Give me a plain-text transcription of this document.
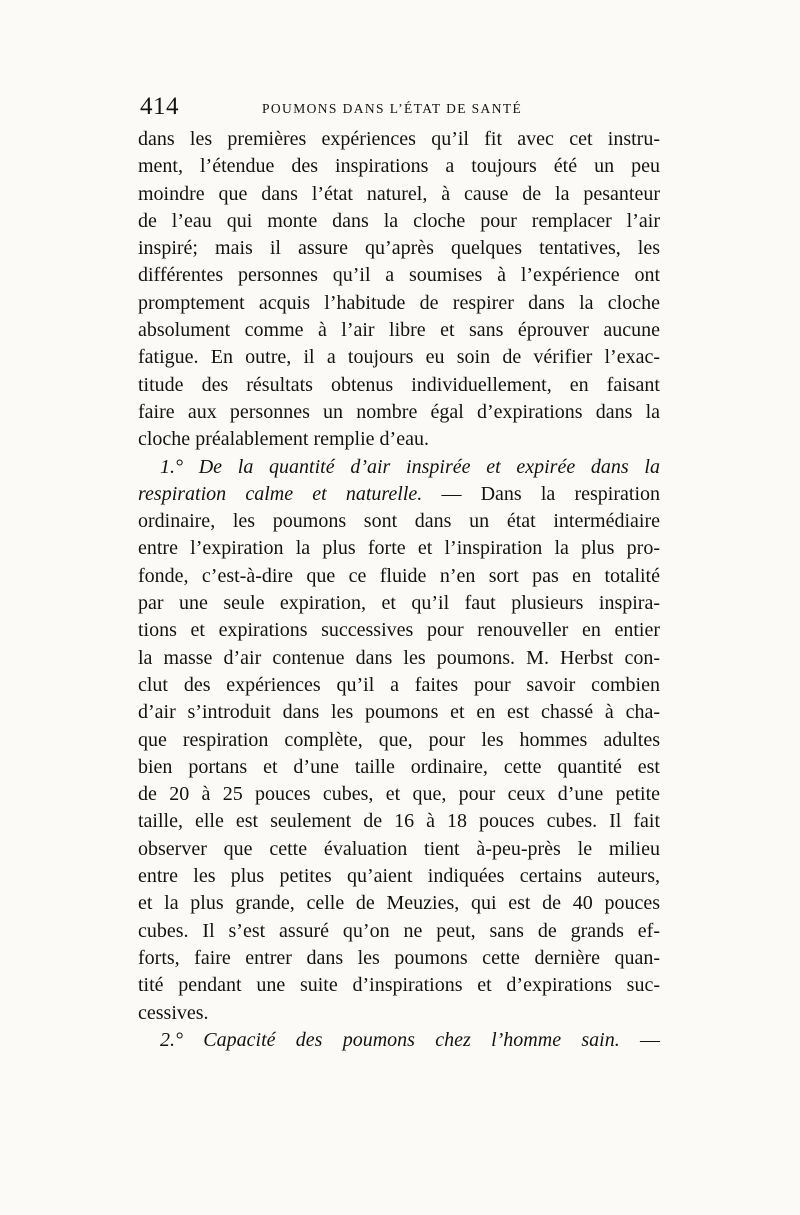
414	POUMONS DANS L’ÉTAT DE SANTÉ
dans les premières expériences qu’il fit avec cet instru-
ment, l’étendue des inspirations a toujours été un peu
moindre que dans l’état naturel, à cause de la pesanteur
de l’eau qui monte dans la cloche pour remplacer l’air
inspiré; mais il assure qu’après quelques tentatives, les
différentes personnes qu’il a soumises à l’expérience ont
promptement acquis l’habitude de respirer dans la cloche
absolument comme à l’air libre et sans éprouver aucune
fatigue. En outre, il a toujours eu soin de vérifier l’exac-
titude des résultats obtenus individuellement, en faisant
faire aux personnes un nombre égal d’expirations dans la
cloche préalablement remplie d’eau.
1.° De la quantité d’air inspirée et expirée dans la
respiration calme et naturelle. — Dans la respiration
ordinaire, les poumons sont dans un état intermédiaire
entre l’expiration la plus forte et l’inspiration la plus pro-
fonde, c’est-à-dire que ce fluide n’en sort pas en totalité
par une seule expiration, et qu’il faut plusieurs inspira-
tions et expirations successives pour renouveller en entier
la masse d’air contenue dans les poumons. M. Herbst con-
clut des expériences qu’il a faites pour savoir combien
d’air s’introduit dans les poumons et en est chassé à cha-
que respiration complète, que, pour les hommes adultes
bien portans et d’une taille ordinaire, cette quantité est
de 20 à 25 pouces cubes, et que, pour ceux d’une petite
taille, elle est seulement de 16 à 18 pouces cubes. Il fait
observer que cette évaluation tient à-peu-près le milieu
entre les plus petites qu’aient indiquées certains auteurs,
et la plus grande, celle de Meuzies, qui est de 40 pouces
cubes. Il s’est assuré qu’on ne peut, sans de grands ef-
forts, faire entrer dans les poumons cette dernière quan-
tité pendant une suite d’inspirations et d’expirations suc-
cessives.
2.° Capacité des poumons chez l’homme sain. —
